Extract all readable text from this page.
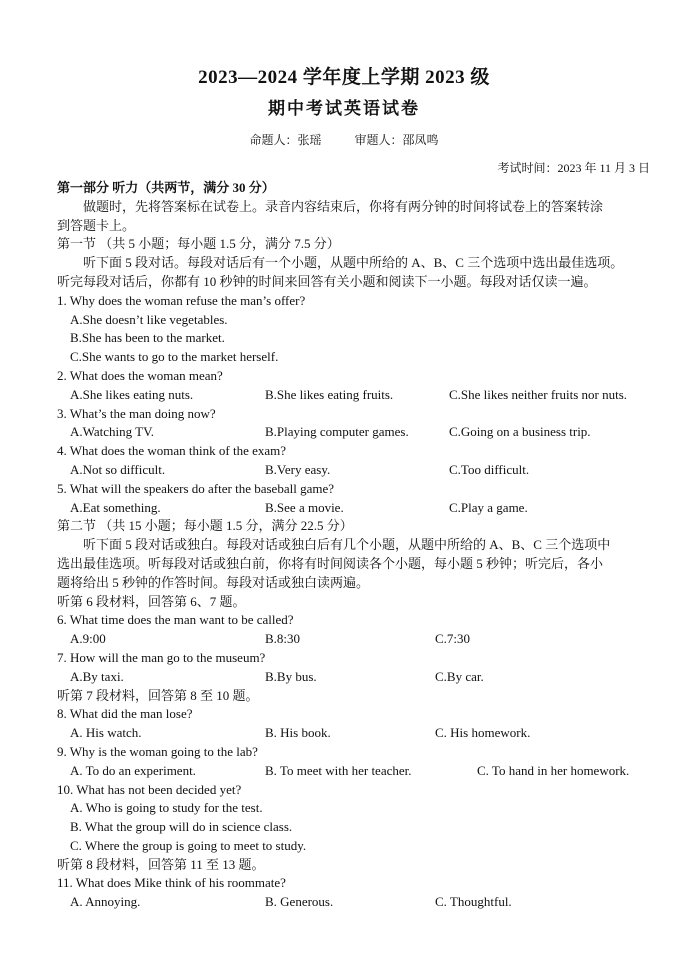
2023—2024 学年度上学期 2023 级
期中考试英语试卷
命题人：张瑶	审题人：邵凤鸣
考试时间：2023 年 11 月 3 日
第一部分 听力（共两节，满分 30 分）
做题时，先将答案标在试卷上。录音内容结束后，你将有两分钟的时间将试卷上的答案转涂
到答题卡上。
第一节 （共 5 小题；每小题 1.5 分，满分 7.5 分）
听下面 5 段对话。每段对话后有一个小题，从题中所给的 A、B、C 三个选项中选出最佳选项。
听完每段对话后，你都有 10 秒钟的时间来回答有关小题和阅读下一小题。每段对话仅读一遍。
1. Why does the woman refuse the man’s offer?
A.She doesn’t like vegetables.
B.She has been to the market.
C.She wants to go to the market herself.
2. What does the woman mean?
A.She likes eating nuts.	B.She likes eating fruits.	C.She likes neither fruits nor nuts.
3. What’s the man doing now?
A.Watching TV.	B.Playing computer games.	C.Going on a business trip.
4. What does the woman think of the exam?
A.Not so difficult.	B.Very easy.	C.Too difficult.
5. What will the speakers do after the baseball game?
A.Eat something.	B.See a movie.	C.Play a game.
第二节 （共 15 小题；每小题 1.5 分，满分 22.5 分）
听下面 5 段对话或独白。每段对话或独白后有几个小题，从题中所给的 A、B、C 三个选项中
选出最佳选项。听每段对话或独白前，你将有时间阅读各个小题，每小题 5 秒钟；听完后，各小
题将给出 5 秒钟的作答时间。每段对话或独白读两遍。
听第 6 段材料，回答第 6、7 题。
6. What time does the man want to be called?
A.9:00	B.8:30	C.7:30
7. How will the man go to the museum?
A.By taxi.	B.By bus.	C.By car.
听第 7 段材料，回答第 8 至 10 题。
8. What did the man lose?
A. His watch.	B. His book.	C. His homework.
9. Why is the woman going to the lab?
A. To do an experiment.	B. To meet with her teacher.	C. To hand in her homework.
10. What has not been decided yet?
A. Who is going to study for the test.
B. What the group will do in science class.
C. Where the group is going to meet to study.
听第 8 段材料，回答第 11 至 13 题。
11. What does Mike think of his roommate?
A. Annoying.	B. Generous.	C. Thoughtful.
